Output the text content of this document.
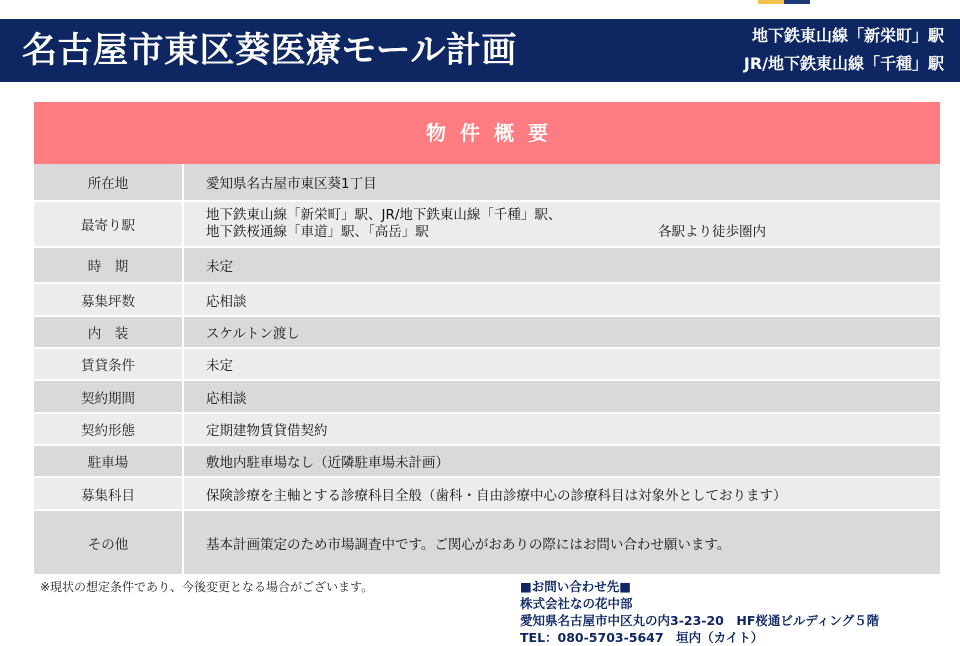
名古屋市東区葵医療モール計画	地下鉄東山線「新栄町」駅
JR/地下鉄東山線「千種」駅
物件概要
所在地	愛知県名古屋市東区葵1丁目
最寄り駅
地下鉄東山線「新栄町」駅、JR/地下鉄東山線「千種」駅、
地下鉄桜通線「車道」駅、「高岳」駅	各駅より徒歩圏内
時　期	未定
募集坪数	応相談
内　装	スケルトン渡し
賃貸条件	未定
契約期間	応相談
契約形態	定期建物賃貸借契約
駐車場	敷地内駐車場なし（近隣駐車場未計画）
募集科目	保険診療を主軸とする診療科目全般（歯科・自由診療中心の診療科目は対象外としております）
その他	基本計画策定のため市場調査中です。ご関心がおありの際にはお問い合わせ願います。
※現状の想定条件であり、今後変更となる場合がございます。	■お問い合わせ先■
株式会社なの花中部
愛知県名古屋市中区丸の内3-23-20　HF桜通ビルディング５階
TEL：080-5703-5647　垣内（カイト）
